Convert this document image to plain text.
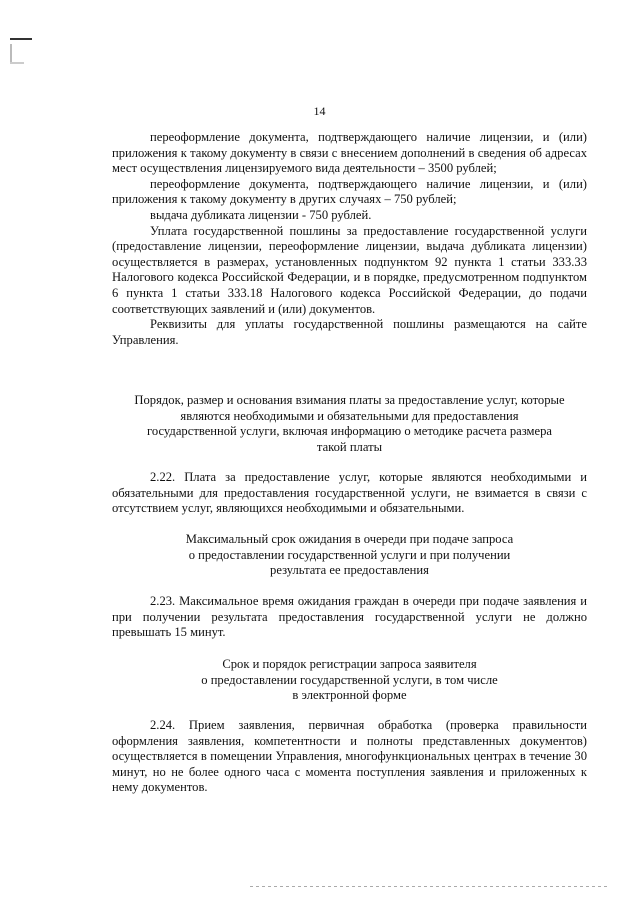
14

переоформление документа, подтверждающего наличие лицензии, и (или) приложения к такому документу в связи с внесением дополнений в сведения об адресах мест осуществления лицензируемого вида деятельности – 3500 рублей;

переоформление документа, подтверждающего наличие лицензии, и (или) приложения к такому документу в других случаях – 750 рублей;

выдача дубликата лицензии - 750 рублей.

Уплата государственной пошлины за предоставление государственной услуги (предоставление лицензии, переоформление лицензии, выдача дубликата лицензии) осуществляется в размерах, установленных подпунктом 92 пункта 1 статьи 333.33 Налогового кодекса Российской Федерации, и в порядке, предусмотренном подпунктом 6 пункта 1 статьи 333.18 Налогового кодекса Российской Федерации, до подачи соответствующих заявлений и (или) документов.

Реквизиты для уплаты государственной пошлины размещаются на сайте Управления.

Порядок, размер и основания взимания платы за предоставление услуг, которые
являются необходимыми и обязательными для предоставления
государственной услуги, включая информацию о методике расчета размера
такой платы

2.22. Плата за предоставление услуг, которые являются необходимыми и обязательными для предоставления государственной услуги, не взимается в связи с отсутствием услуг, являющихся необходимыми и обязательными.

Максимальный срок ожидания в очереди при подаче запроса
о предоставлении государственной услуги и при получении
результата ее предоставления

2.23. Максимальное время ожидания граждан в очереди при подаче заявления и при получении результата предоставления государственной услуги не должно превышать 15 минут.

Срок и порядок регистрации запроса заявителя
о предоставлении государственной услуги, в том числе
в электронной форме

2.24. Прием заявления, первичная обработка (проверка правильности оформления заявления, компетентности и полноты представленных документов) осуществляется в помещении Управления, многофункциональных центрах в течение 30 минут, но не более одного часа с момента поступления заявления и приложенных к нему документов.
